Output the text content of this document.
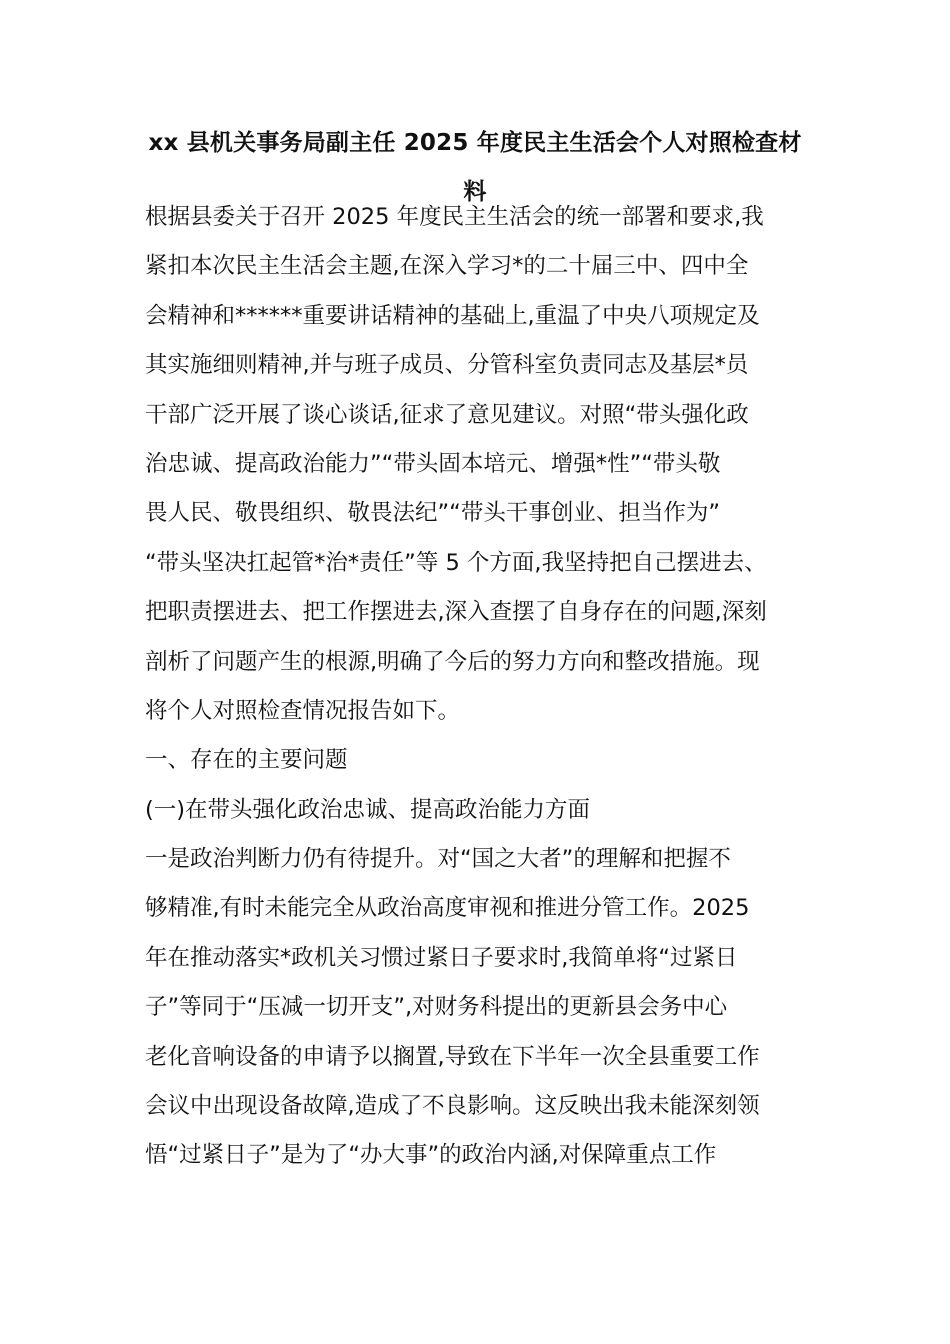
xx 县机关事务局副主任 2025 年度民主生活会个人对照检查材
料

根据县委关于召开 2025 年度民主生活会的统一部署和要求,我
紧扣本次民主生活会主题,在深入学习*的二十届三中、四中全
会精神和******重要讲话精神的基础上,重温了中央八项规定及
其实施细则精神,并与班子成员、分管科室负责同志及基层*员
干部广泛开展了谈心谈话,征求了意见建议。对照“带头强化政
治忠诚、提高政治能力”“带头固本培元、增强*性”“带头敬
畏人民、敬畏组织、敬畏法纪”“带头干事创业、担当作为”
“带头坚决扛起管*治*责任”等 5 个方面,我坚持把自己摆进去、
把职责摆进去、把工作摆进去,深入查摆了自身存在的问题,深刻
剖析了问题产生的根源,明确了今后的努力方向和整改措施。现
将个人对照检查情况报告如下。

一、存在的主要问题

(一)在带头强化政治忠诚、提高政治能力方面

一是政治判断力仍有待提升。对“国之大者”的理解和把握不
够精准,有时未能完全从政治高度审视和推进分管工作。2025
年在推动落实*政机关习惯过紧日子要求时,我简单将“过紧日
子”等同于“压减一切开支”,对财务科提出的更新县会务中心
老化音响设备的申请予以搁置,导致在下半年一次全县重要工作
会议中出现设备故障,造成了不良影响。这反映出我未能深刻领
悟“过紧日子”是为了“办大事”的政治内涵,对保障重点工作
